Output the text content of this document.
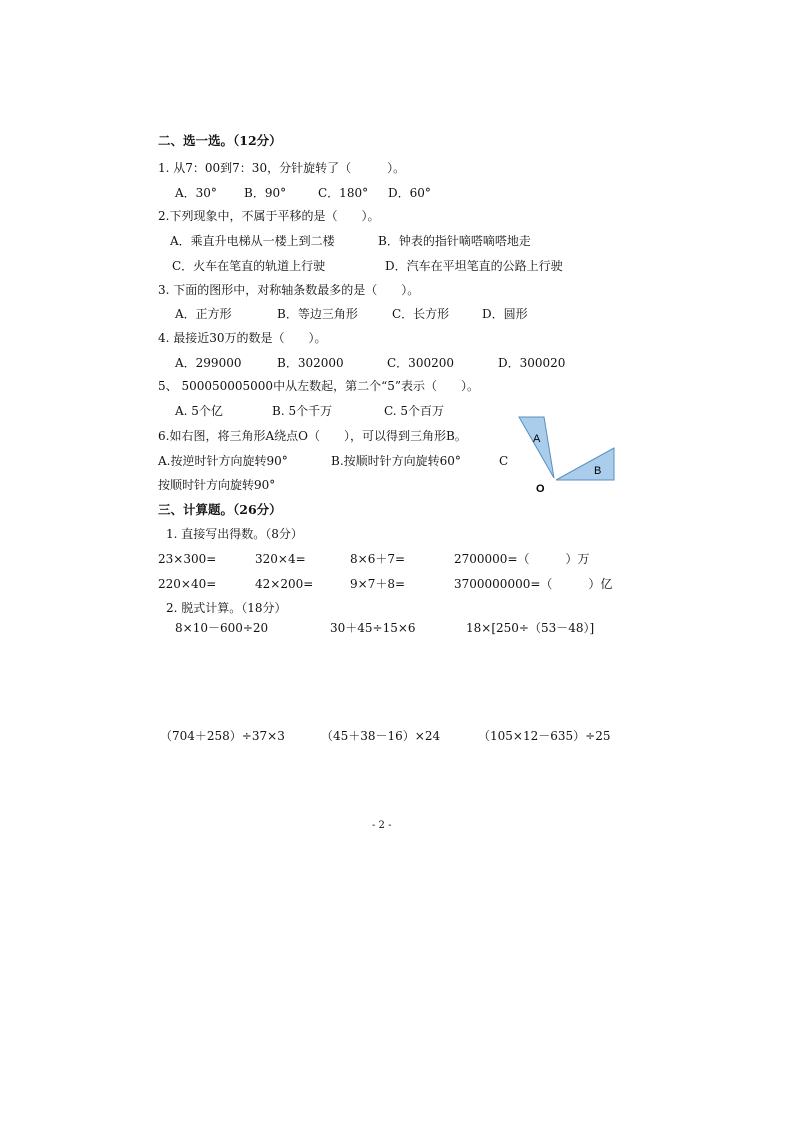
二、选一选。（12分）
1. 从7：00到7：30，分针旋转了（　　　）。
A．30° B．90°	C．180° D．60°
2.下列现象中，不属于平移的是（　　）。
A．乘直升电梯从一楼上到二楼	B．钟表的指针嘀嗒嘀嗒地走
C．火车在笔直的轨道上行驶	D．汽车在平坦笔直的公路上行驶
3. 下面的图形中，对称轴条数最多的是（　　）。
A．正方形	B．等边三角形	C．长方形	D．圆形
4. 最接近30万的数是（　　）。
A．299000	B．302000	C．300200	D．300020
5、 500050005000中从左数起，第二个“5”表示（　　）。
A. 5个亿	B. 5个千万	C. 5个百万
6.如右图，将三角形A绕点O（　　），可以得到三角形B。
A.按逆时针方向旋转90°	B.按顺时针方向旋转60°	C
按顺时针方向旋转90°
A
B
O
三、计算题。（26分）
1. 直接写出得数。（8分）
23×300=	320×4=	8×6＋7=	2700000=（　　　）万
220×40=	42×200=	9×7＋8=	3700000000=（　　　）亿
2. 脱式计算。（18分）
8×10－600÷20	30＋45÷15×6	18×[250÷（53－48）]
（704＋258）÷37×3	（45＋38－16）×24	（105×12－635）÷25
- 2 -
